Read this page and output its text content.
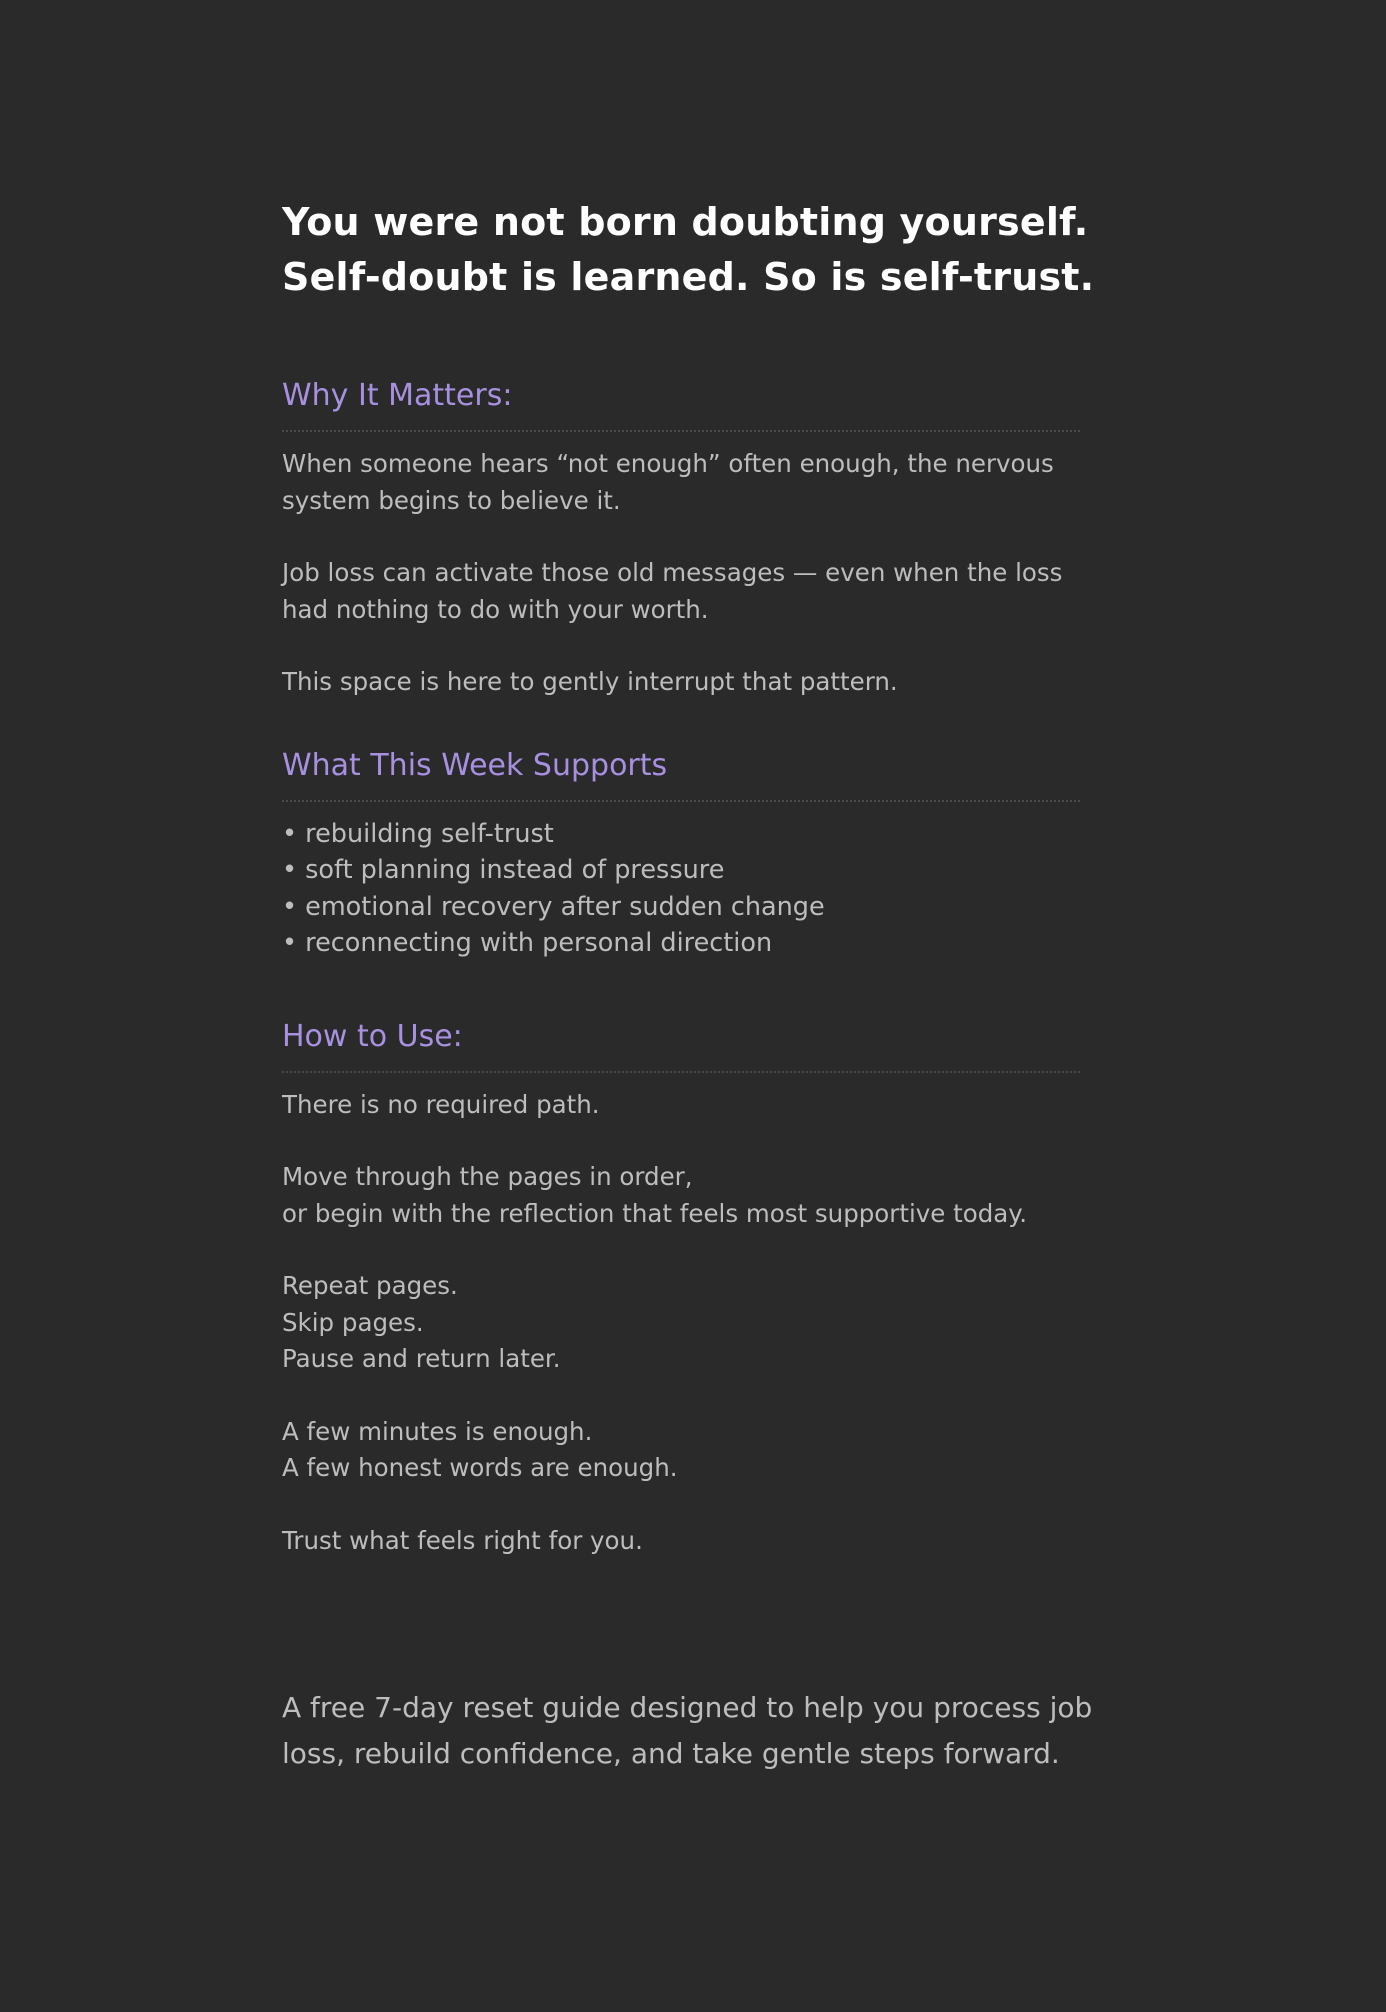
You were not born doubting yourself.
Self-doubt is learned. So is self-trust.
Why It Matters:

When someone hears “not enough” often enough, the nervous
system begins to believe it.

Job loss can activate those old messages — even when the loss
had nothing to do with your worth.

This space is here to gently interrupt that pattern.

What This Week Supports
• rebuilding self-trust
• soft planning instead of pressure
• emotional recovery after sudden change
• reconnecting with personal direction
How to Use:

There is no required path.

Move through the pages in order,
or begin with the reflection that feels most supportive today.

Repeat pages.
Skip pages.
Pause and return later.

A few minutes is enough.
A few honest words are enough.

Trust what feels right for you.

A free 7-day reset guide designed to help you process job
loss, rebuild confidence, and take gentle steps forward.
